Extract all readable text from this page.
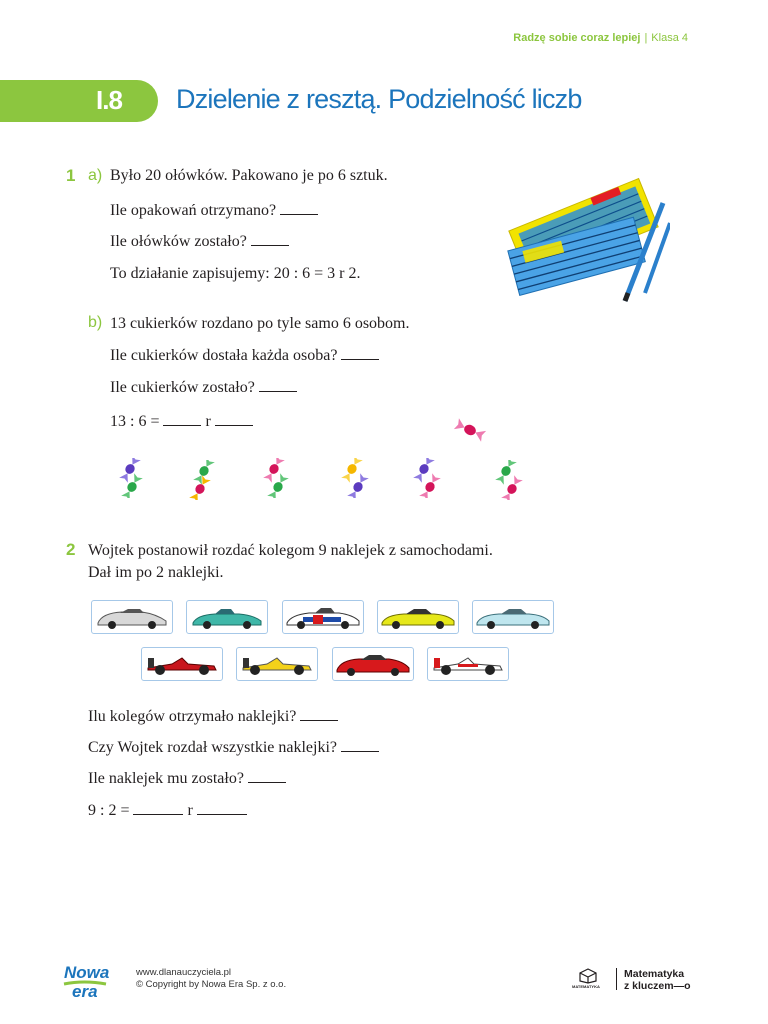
Radzę sobie coraz lepiej | Klasa 4
I.8 Dzielenie z resztą. Podzielność liczb
1 a) Było 20 ołówków. Pakowano je po 6 sztuk.
Ile opakowań otrzymano?
Ile ołówków zostało?
To działanie zapisujemy: 20 : 6 = 3 r 2.
b) 13 cukierków rozdano po tyle samo 6 osobom.
Ile cukierków dostała każda osoba?
Ile cukierków zostało?
13 : 6 =	r
2 Wojtek postanowił rozdać kolegom 9 naklejek z samochodami.
Dał im po 2 naklejki.
Ilu kolegów otrzymało naklejki?
Czy Wojtek rozdał wszystkie naklejki?
Ile naklejek mu zostało?
9 : 2 =	r
Nowa
era
www.dlanauczyciela.pl
© Copyright by Nowa Era Sp. z o.o.	MATEMATYKA
Matematyka
z kluczem—o
